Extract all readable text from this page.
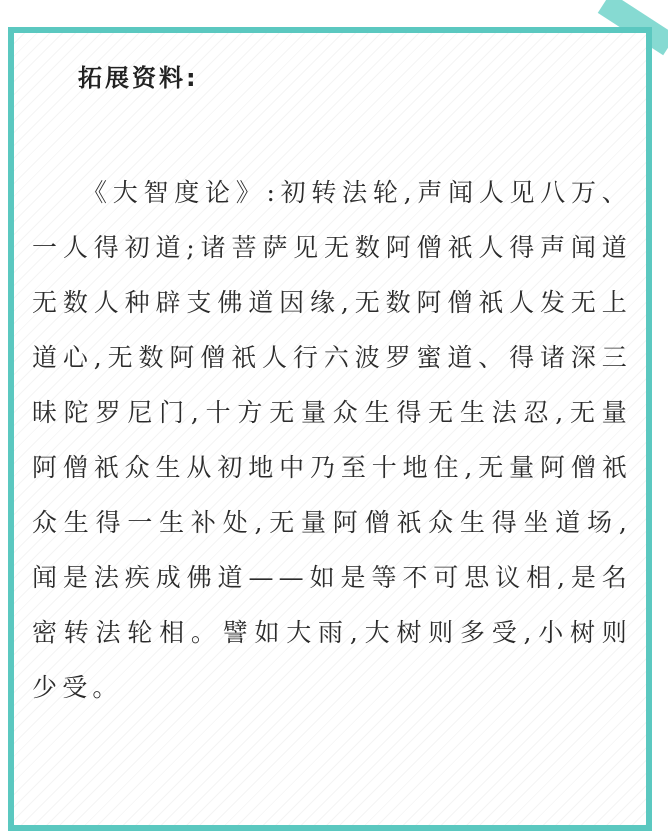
拓展资料:

《大智度论》:初转法轮,声闻人见八万、一人得初道;诸菩萨见无数阿僧祇人得声闻道无数人种辟支佛道因缘,无数阿僧祇人发无上道心,无数阿僧祇人行六波罗蜜道、得诸深三昧陀罗尼门,十方无量众生得无生法忍,无量阿僧祇众生从初地中乃至十地住,无量阿僧祇众生得一生补处,无量阿僧祇众生得坐道场,闻是法疾成佛道——如是等不可思议相,是名密转法轮相。譬如大雨,大树则多受,小树则少受。
